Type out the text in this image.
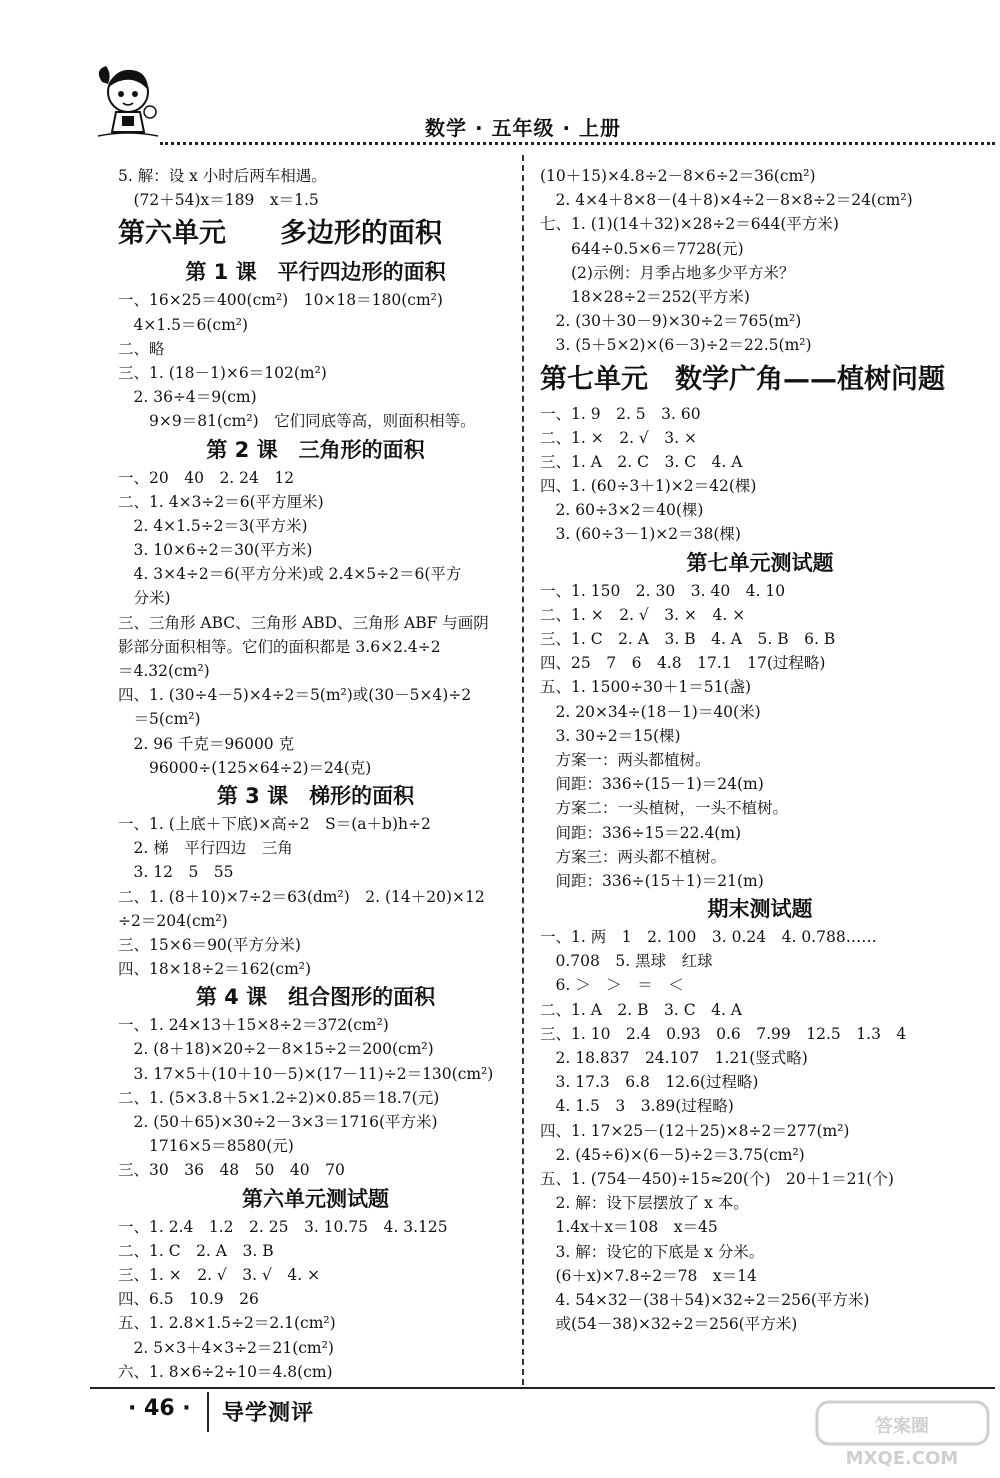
数学 · 五年级 · 上册
5. 解：设 x 小时后两车相遇。
　(72＋54)x＝189　x＝1.5
第六单元 多边形的面积
第 1 课　平行四边形的面积
一、16×25＝400(cm²)　10×18＝180(cm²)
　4×1.5＝6(cm²)
二、略
三、1. (18－1)×6＝102(m²)
　2. 36÷4＝9(cm)
　　9×9＝81(cm²)　它们同底等高，则面积相等。
第 2 课　三角形的面积
一、20　40　2. 24　12
二、1. 4×3÷2＝6(平方厘米)
　2. 4×1.5÷2＝3(平方米)
　3. 10×6÷2＝30(平方米)
　4. 3×4÷2＝6(平方分米)或 2.4×5÷2＝6(平方
　分米)
三、三角形 ABC、三角形 ABD、三角形 ABF 与画阴
影部分面积相等。它们的面积都是 3.6×2.4÷2
＝4.32(cm²)
四、1. (30÷4－5)×4÷2＝5(m²)或(30－5×4)÷2
　＝5(cm²)
　2. 96 千克＝96000 克
　　96000÷(125×64÷2)＝24(克)
第 3 课　梯形的面积
一、1. (上底＋下底)×高÷2　S＝(a＋b)h÷2
　2. 梯　平行四边　三角
　3. 12　5　55
二、1. (8＋10)×7÷2＝63(dm²)　2. (14＋20)×12
÷2＝204(cm²)
三、15×6＝90(平方分米)
四、18×18÷2＝162(cm²)
第 4 课　组合图形的面积
一、1. 24×13＋15×8÷2＝372(cm²)
　2. (8＋18)×20÷2－8×15÷2＝200(cm²)
　3. 17×5＋(10＋10－5)×(17－11)÷2＝130(cm²)
二、1. (5×3.8＋5×1.2÷2)×0.85＝18.7(元)
　2. (50＋65)×30÷2－3×3＝1716(平方米)
　　1716×5＝8580(元)
三、30　36　48　50　40　70
第六单元测试题
一、1. 2.4　1.2　2. 25　3. 10.75　4. 3.125
二、1. C　2. A　3. B
三、1. ×　2. √　3. √　4. ×
四、6.5　10.9　26
五、1. 2.8×1.5÷2＝2.1(cm²)
　2. 5×3＋4×3÷2＝21(cm²)
六、1. 8×6÷2÷10＝4.8(cm)
(10＋15)×4.8÷2－8×6÷2＝36(cm²)
　2. 4×4＋8×8－(4＋8)×4÷2－8×8÷2＝24(cm²)
七、1. (1)(14＋32)×28÷2＝644(平方米)
　　644÷0.5×6＝7728(元)
　　(2)示例：月季占地多少平方米？
　　18×28÷2＝252(平方米)
　2. (30＋30－9)×30÷2＝765(m²)
　3. (5＋5×2)×(6－3)÷2＝22.5(m²)
第七单元　数学广角——植树问题
一、1. 9　2. 5　3. 60
二、1. ×　2. √　3. ×
三、1. A　2. C　3. C　4. A
四、1. (60÷3＋1)×2＝42(棵)
　2. 60÷3×2＝40(棵)
　3. (60÷3－1)×2＝38(棵)
第七单元测试题
一、1. 150　2. 30　3. 40　4. 10
二、1. ×　2. √　3. ×　4. ×
三、1. C　2. A　3. B　4. A　5. B　6. B
四、25　7　6　4.8　17.1　17(过程略)
五、1. 1500÷30＋1＝51(盏)
　2. 20×34÷(18－1)＝40(米)
　3. 30÷2＝15(棵)
　方案一：两头都植树。
　间距：336÷(15－1)＝24(m)
　方案二：一头植树，一头不植树。
　间距：336÷15＝22.4(m)
　方案三：两头都不植树。
　间距：336÷(15＋1)＝21(m)
期末测试题
一、1. 两　1　2. 100　3. 0.24　4. 0.788……
　0.708　5. 黑球　红球
　6. ＞　＞　＝　＜
二、1. A　2. B　3. C　4. A
三、1. 10　2.4　0.93　0.6　7.99　12.5　1.3　4
　2. 18.837　24.107　1.21(竖式略)
　3. 17.3　6.8　12.6(过程略)
　4. 1.5　3　3.89(过程略)
四、1. 17×25－(12＋25)×8÷2＝277(m²)
　2. (45÷6)×(6－5)÷2＝3.75(cm²)
五、1. (754－450)÷15≈20(个)　20＋1＝21(个)
　2. 解：设下层摆放了 x 本。
　1.4x＋x＝108　x＝45
　3. 解：设它的下底是 x 分米。
　(6＋x)×7.8÷2＝78　x＝14
　4. 54×32－(38＋54)×32÷2＝256(平方米)
　或(54－38)×32÷2＝256(平方米)
· 46 · 导学测评
答案圈
MXQE.COM
